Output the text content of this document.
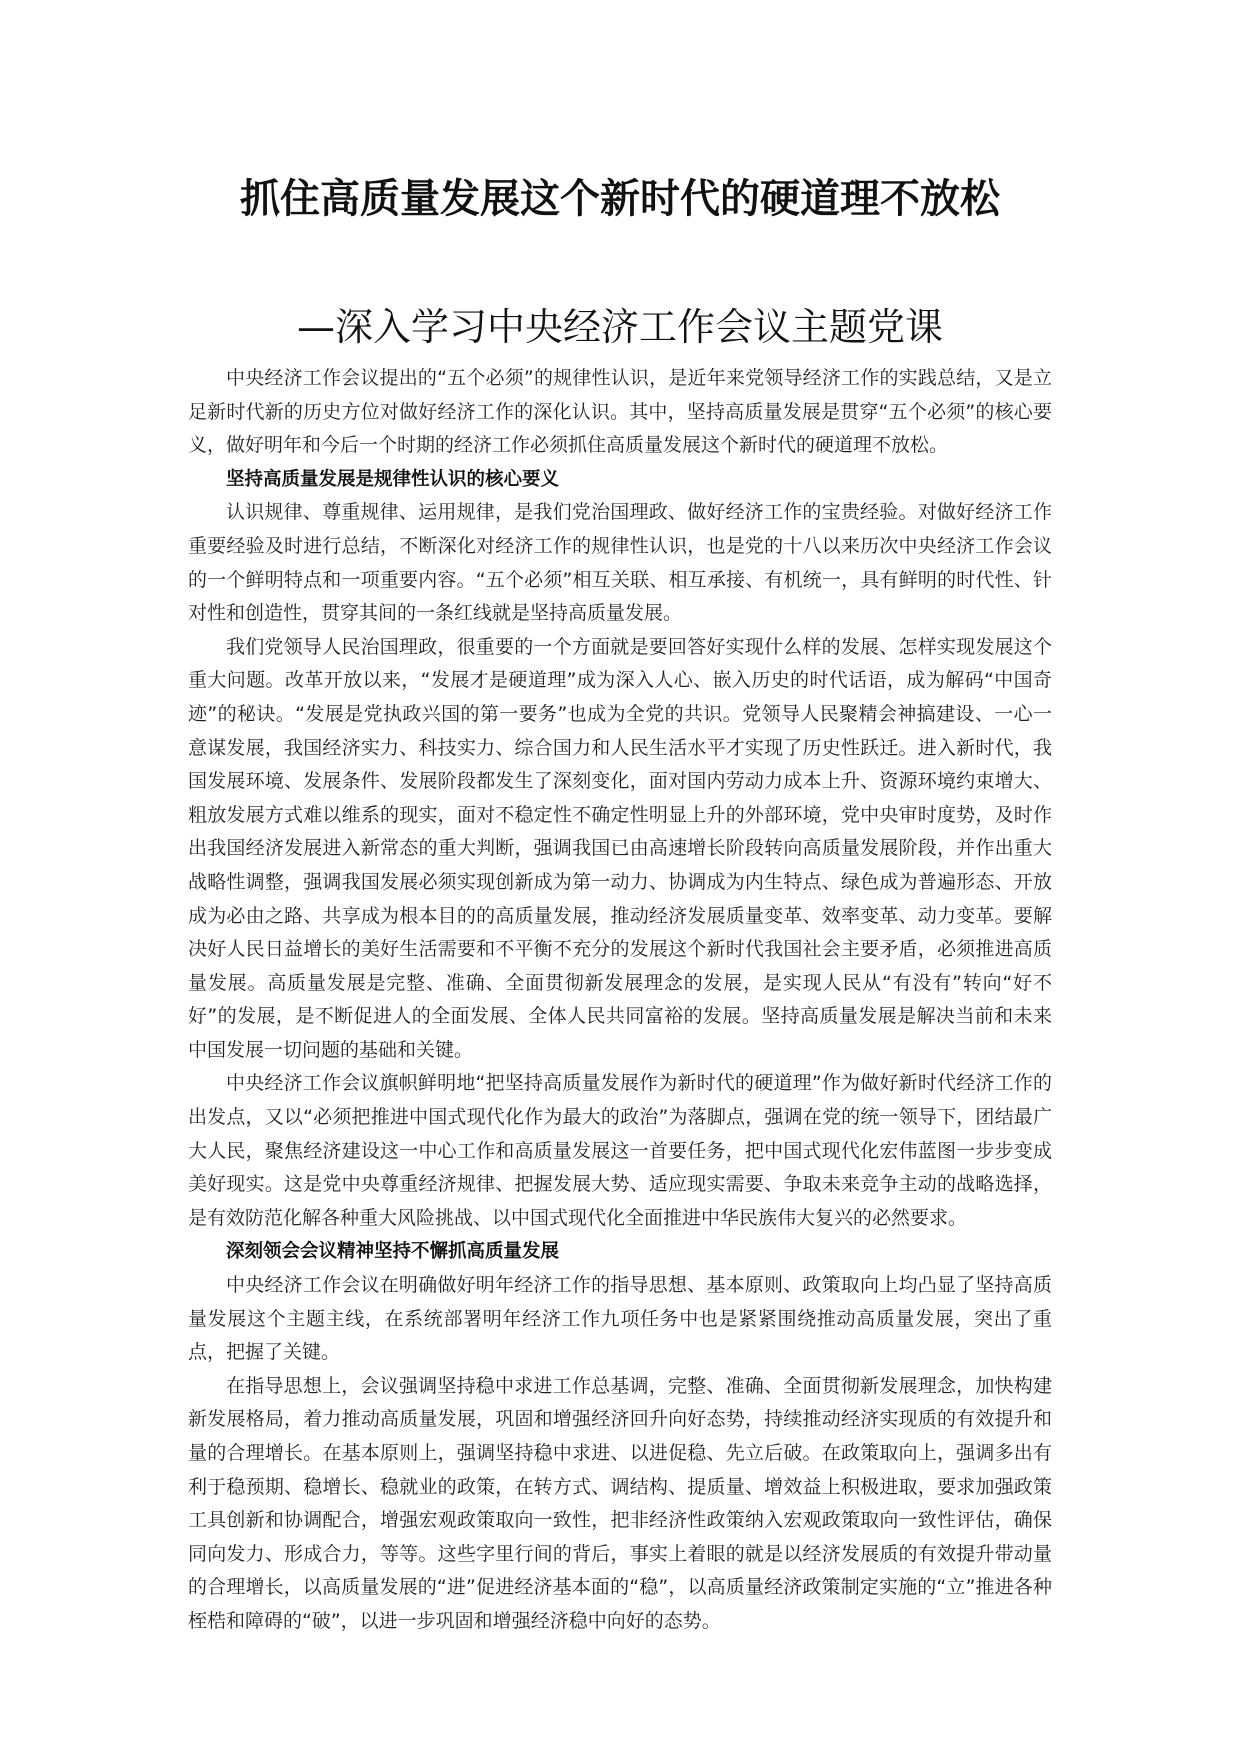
抓住高质量发展这个新时代的硬道理不放松
—深入学习中央经济工作会议主题党课

中央经济工作会议提出的“五个必须”的规律性认识，是近年来党领导经济工作的实践总结，又是立足新时代新的历史方位对做好经济工作的深化认识。其中，坚持高质量发展是贯穿“五个必须”的核心要义，做好明年和今后一个时期的经济工作必须抓住高质量发展这个新时代的硬道理不放松。

坚持高质量发展是规律性认识的核心要义

认识规律、尊重规律、运用规律，是我们党治国理政、做好经济工作的宝贵经验。对做好经济工作重要经验及时进行总结，不断深化对经济工作的规律性认识，也是党的十八以来历次中央经济工作会议的一个鲜明特点和一项重要内容。“五个必须”相互关联、相互承接、有机统一，具有鲜明的时代性、针对性和创造性，贯穿其间的一条红线就是坚持高质量发展。

我们党领导人民治国理政，很重要的一个方面就是要回答好实现什么样的发展、怎样实现发展这个重大问题。改革开放以来，“发展才是硬道理”成为深入人心、嵌入历史的时代话语，成为解码“中国奇迹”的秘诀。“发展是党执政兴国的第一要务”也成为全党的共识。党领导人民聚精会神搞建设、一心一意谋发展，我国经济实力、科技实力、综合国力和人民生活水平才实现了历史性跃迁。进入新时代，我国发展环境、发展条件、发展阶段都发生了深刻变化，面对国内劳动力成本上升、资源环境约束增大、粗放发展方式难以维系的现实，面对不稳定性不确定性明显上升的外部环境，党中央审时度势，及时作出我国经济发展进入新常态的重大判断，强调我国已由高速增长阶段转向高质量发展阶段，并作出重大战略性调整，强调我国发展必须实现创新成为第一动力、协调成为内生特点、绿色成为普遍形态、开放成为必由之路、共享成为根本目的的高质量发展，推动经济发展质量变革、效率变革、动力变革。要解决好人民日益增长的美好生活需要和不平衡不充分的发展这个新时代我国社会主要矛盾，必须推进高质量发展。高质量发展是完整、准确、全面贯彻新发展理念的发展，是实现人民从“有没有”转向“好不好”的发展，是不断促进人的全面发展、全体人民共同富裕的发展。坚持高质量发展是解决当前和未来中国发展一切问题的基础和关键。

中央经济工作会议旗帜鲜明地“把坚持高质量发展作为新时代的硬道理”作为做好新时代经济工作的出发点，又以“必须把推进中国式现代化作为最大的政治”为落脚点，强调在党的统一领导下，团结最广大人民，聚焦经济建设这一中心工作和高质量发展这一首要任务，把中国式现代化宏伟蓝图一步步变成美好现实。这是党中央尊重经济规律、把握发展大势、适应现实需要、争取未来竞争主动的战略选择，是有效防范化解各种重大风险挑战、以中国式现代化全面推进中华民族伟大复兴的必然要求。

深刻领会会议精神坚持不懈抓高质量发展

中央经济工作会议在明确做好明年经济工作的指导思想、基本原则、政策取向上均凸显了坚持高质量发展这个主题主线，在系统部署明年经济工作九项任务中也是紧紧围绕推动高质量发展，突出了重点，把握了关键。

在指导思想上，会议强调坚持稳中求进工作总基调，完整、准确、全面贯彻新发展理念，加快构建新发展格局，着力推动高质量发展，巩固和增强经济回升向好态势，持续推动经济实现质的有效提升和量的合理增长。在基本原则上，强调坚持稳中求进、以进促稳、先立后破。在政策取向上，强调多出有利于稳预期、稳增长、稳就业的政策，在转方式、调结构、提质量、增效益上积极进取，要求加强政策工具创新和协调配合，增强宏观政策取向一致性，把非经济性政策纳入宏观政策取向一致性评估，确保同向发力、形成合力，等等。这些字里行间的背后，事实上着眼的就是以经济发展质的有效提升带动量的合理增长，以高质量发展的“进”促进经济基本面的“稳”，以高质量经济政策制定实施的“立”推进各种桎梏和障碍的“破”，以进一步巩固和增强经济稳中向好的态势。
